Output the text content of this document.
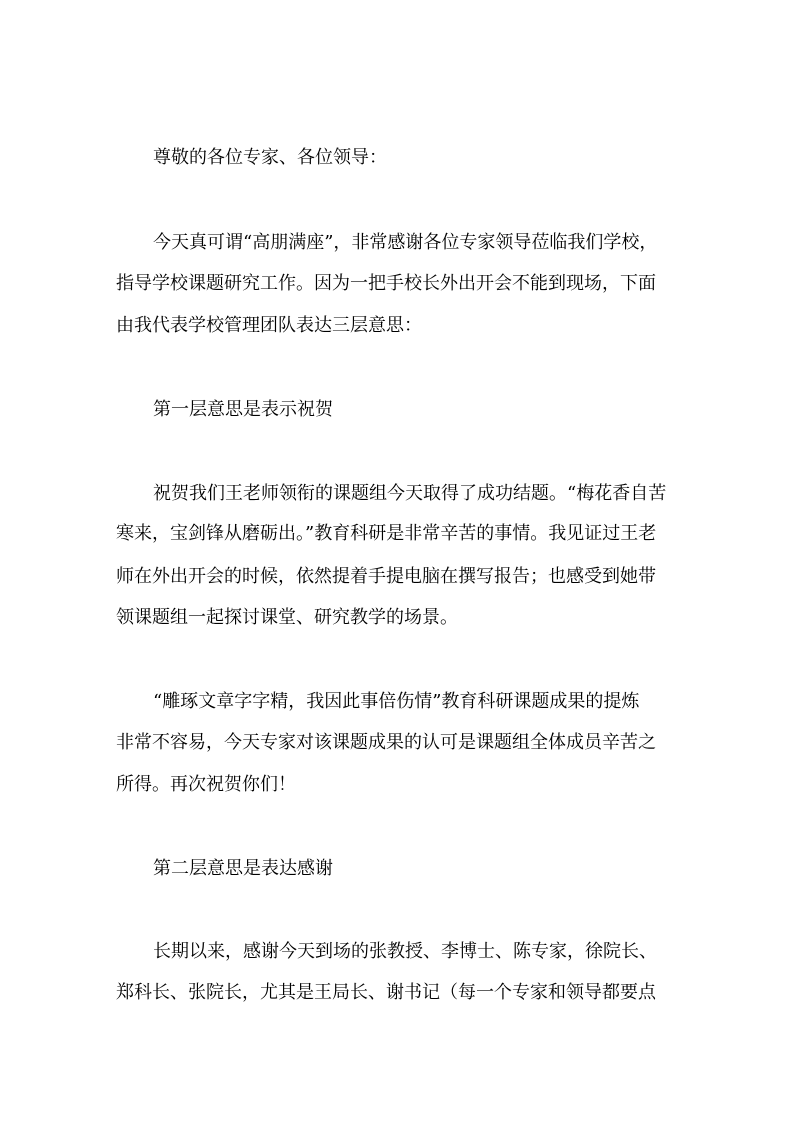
尊敬的各位专家、各位领导：
今天真可谓“高朋满座”，非常感谢各位专家领导莅临我们学校，
指导学校课题研究工作。因为一把手校长外出开会不能到现场，下面
由我代表学校管理团队表达三层意思：
第一层意思是表示祝贺
祝贺我们王老师领衔的课题组今天取得了成功结题。“梅花香自苦
寒来，宝剑锋从磨砺出。”教育科研是非常辛苦的事情。我见证过王老
师在外出开会的时候，依然提着手提电脑在撰写报告；也感受到她带
领课题组一起探讨课堂、研究教学的场景。
“雕琢文章字字精，我因此事倍伤情”教育科研课题成果的提炼
非常不容易，今天专家对该课题成果的认可是课题组全体成员辛苦之
所得。再次祝贺你们！
第二层意思是表达感谢
长期以来，感谢今天到场的张教授、李博士、陈专家，徐院长、
郑科长、张院长，尤其是王局长、谢书记（每一个专家和领导都要点
